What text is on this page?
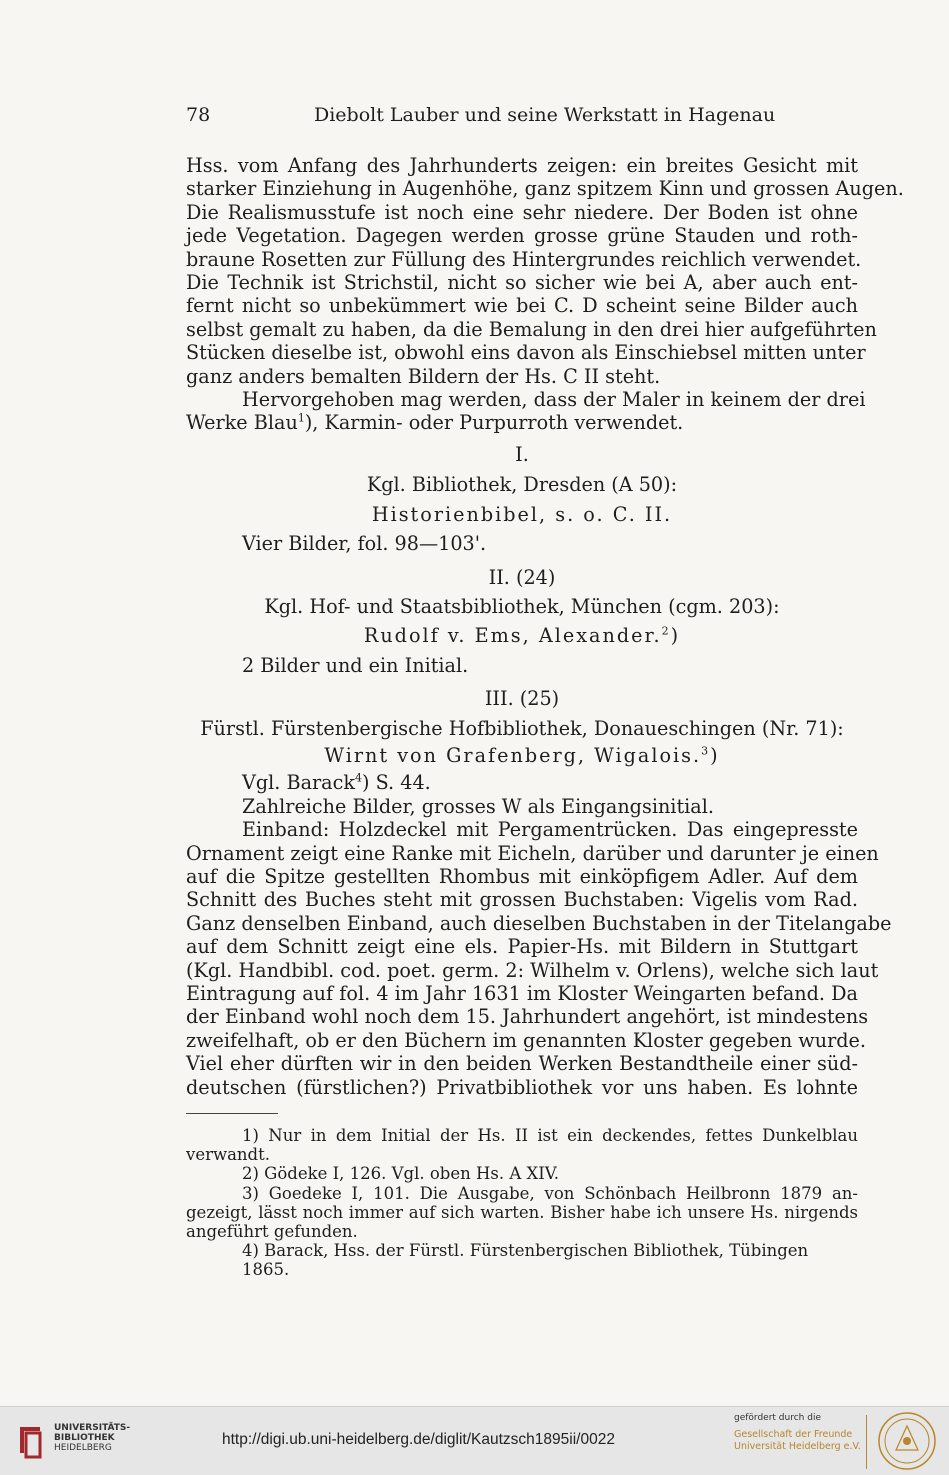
78	Diebolt Lauber und seine Werkstatt in Hagenau

Hss. vom Anfang des Jahrhunderts zeigen: ein breites Gesicht mit
starker Einziehung in Augenhöhe, ganz spitzem Kinn und grossen Augen.
Die Realismusstufe ist noch eine sehr niedere. Der Boden ist ohne
jede Vegetation. Dagegen werden grosse grüne Stauden und roth-
braune Rosetten zur Füllung des Hintergrundes reichlich verwendet.
Die Technik ist Strichstil, nicht so sicher wie bei A, aber auch ent-
fernt nicht so unbekümmert wie bei C. D scheint seine Bilder auch
selbst gemalt zu haben, da die Bemalung in den drei hier aufgeführten
Stücken dieselbe ist, obwohl eins davon als Einschiebsel mitten unter
ganz anders bemalten Bildern der Hs. C II steht.

Hervorgehoben mag werden, dass der Maler in keinem der drei
Werke Blau$^1$), Karmin- oder Purpurroth verwendet.

I.
Kgl. Bibliothek, Dresden (A 50):
Historienbibel, s. o. C. II.
Vier Bilder, fol. 98—103'.
II. (24)
Kgl. Hof- und Staatsbibliothek, München (cgm. 203):
Rudolf v. Ems, Alexander.$^2$)
2 Bilder und ein Initial.
III. (25)
Fürstl. Fürstenbergische Hofbibliothek, Donaueschingen (Nr. 71):
Wirnt von Grafenberg, Wigalois.$^3$)
Vgl. Barack$^4$) S. 44.
Zahlreiche Bilder, grosses W als Eingangsinitial.

Einband: Holzdeckel mit Pergamentrücken. Das eingepresste
Ornament zeigt eine Ranke mit Eicheln, darüber und darunter je einen
auf die Spitze gestellten Rhombus mit einköpfigem Adler. Auf dem
Schnitt des Buches steht mit grossen Buchstaben: Vigelis vom Rad.
Ganz denselben Einband, auch dieselben Buchstaben in der Titelangabe
auf dem Schnitt zeigt eine els. Papier-Hs. mit Bildern in Stuttgart
(Kgl. Handbibl. cod. poet. germ. 2: Wilhelm v. Orlens), welche sich laut
Eintragung auf fol. 4 im Jahr 1631 im Kloster Weingarten befand. Da
der Einband wohl noch dem 15. Jahrhundert angehört, ist mindestens
zweifelhaft, ob er den Büchern im genannten Kloster gegeben wurde.
Viel eher dürften wir in den beiden Werken Bestandtheile einer süd-
deutschen (fürstlichen?) Privatbibliothek vor uns haben. Es lohnte

1) Nur in dem Initial der Hs. II ist ein deckendes, fettes Dunkelblau
verwandt.
2) Gödeke I, 126. Vgl. oben Hs. A XIV.
3) Goedeke I, 101. Die Ausgabe, von Schönbach Heilbronn 1879 an-
gezeigt, lässt noch immer auf sich warten. Bisher habe ich unsere Hs. nirgends
angeführt gefunden.
4) Barack, Hss. der Fürstl. Fürstenbergischen Bibliothek, Tübingen 1865.
UNIVERSITÄTS-
BIBLIOTHEK
HEIDELBERG	http://digi.ub.uni-heidelberg.de/diglit/Kautzsch1895ii/0022
gefördert durch die
Gesellschaft der Freunde
Universität Heidelberg e.V.
